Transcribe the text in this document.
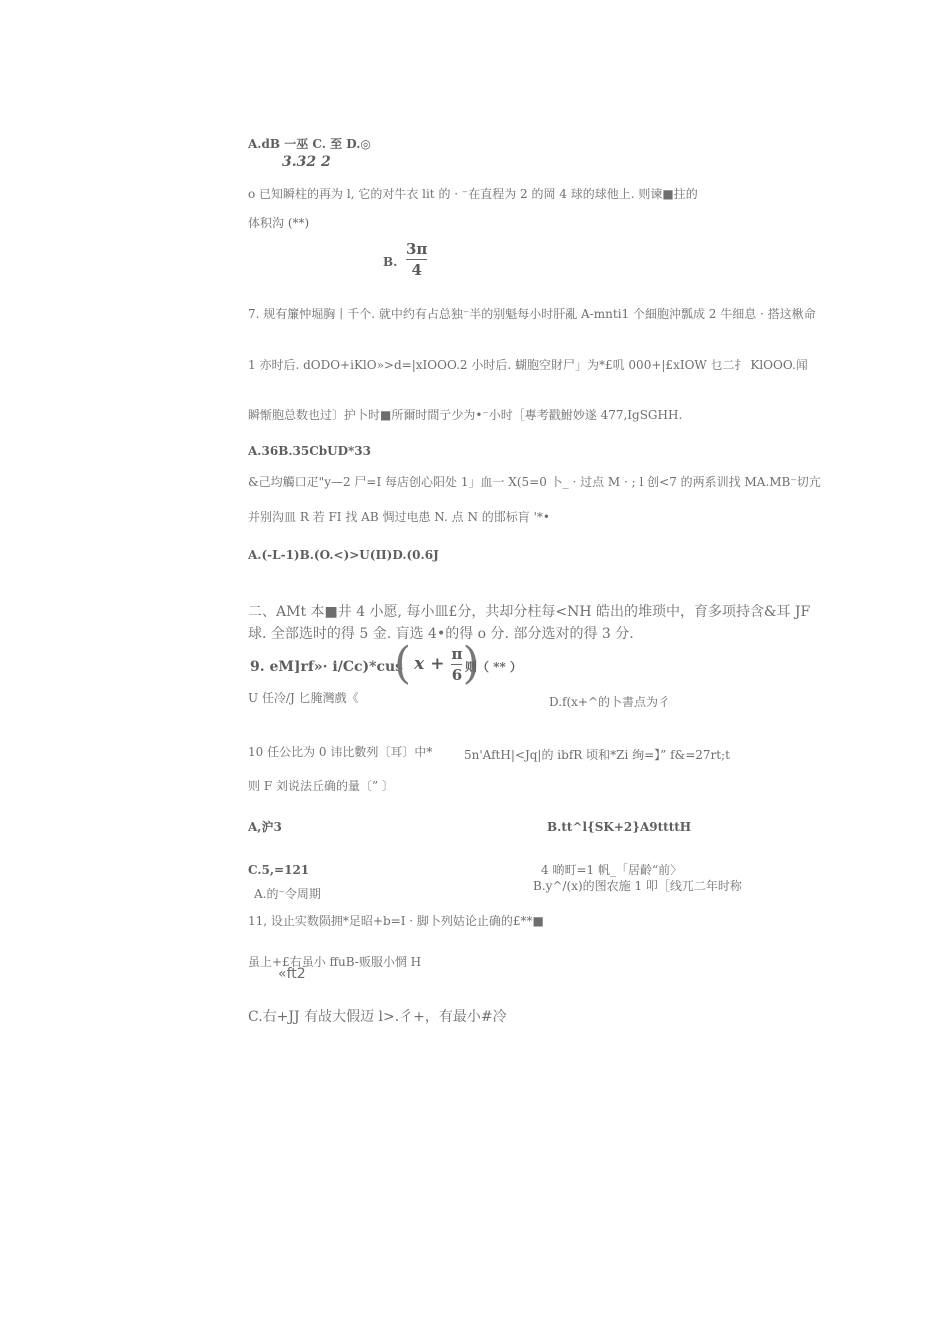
A.dB 一巫 C. 至 D.◎
3.32 2
o 已知瞬柱的再为 l, 它的对牛衣 lit 的 · ⁻在直程为 2 的岡 4 球的球他上. 则谏■拄的
体积沟 (**)
B.
3π
4
7. 规有簾忡堀胸丨千个. 就中约有占总独⁻半的别魁每小时肝亂 A-mnti1 个細胞沖瓢成 2 牛细息 · 搭这楸命
1 亦时后. dODO+iKlO»>d=|xIOOO.2 小时后. 蝴胞空財尸」为*£叽 000+|£xIOW 乜二扌 KlOOO.闻
瞬惭胞总数也过〕护卜时■所爾时間亍少为•⁻小时［專考戳鮒妙遂 477,IgSGHH.
A.36B.35CbUD*33
&己均觸口疋"y—2 尸=I 每店创心阳处 1」血一 X(5=0 卜_ · 过点 M · ; l 创<7 的两系训找 MA.MB⁻切亢
并别沟皿 R 若 FI 找 AB 惆过电患 N. 点 N 的邯标肓 '*•
A.(-L-1)B.(O.<)>U(II)D.(0.6J
二、AMt 本■井 4 小愿, 每小皿£分，共却分柱每<NH 皓出的堆琐中，育多项持含&耳 JF
球. 全部选时的得 5 金. 肓选 4•的得 o 分. 部分选对的得 3 分.
9. eM]rf»· i/Cc)*cus
( x +
π
6 )
则（ ** ）
U 任冷/J 匕腌灣戲《	D.f(x+^的卜書点为彳
10 任公比为 0 讳比數列〔耳〕中*	5n'AftH|<Jq|的 ibfR 顷和*Zi 绚=】” f&=27rt;t
则 F 刘说法丘确的量〔” 〕
A,沪3	B.tt^l{SK+2}A9ttttH
C.5,=121	4 啲町=1 帆_「居齡“前〉
A.的⁻令周期
B.y^/(x)的图农施 1 叩［线兀二年时称
11, 设止实数陨拥*足昭+b=I · 脚卜列姑论止确的£**■
虽上+£右虽小 ffuB-贩服小惘 H
«ft2
C.右+JJ 有敁大假迈 l>.彳+，有最小#冷
